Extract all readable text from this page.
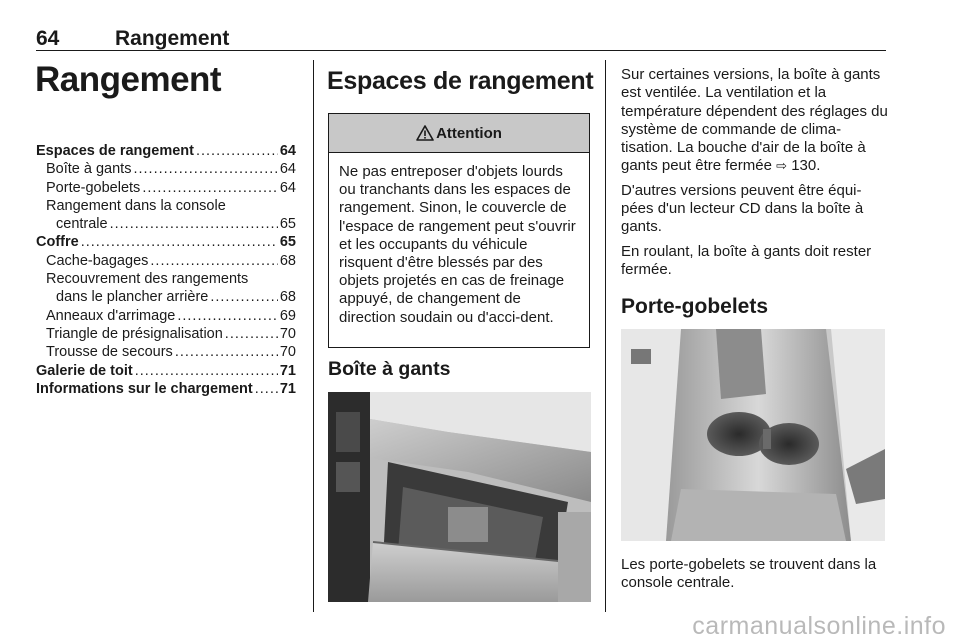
64	Rangement
Rangement
Espaces de rangement .....	64
Boîte à gants .....	64
Porte-gobelets .....	64
Rangement dans la console
centrale .....	65
Coffre .....	65
Cache-bagages .....	68
Recouvrement des rangements
dans le plancher arrière .....	68
Anneaux d'arrimage .....	69
Triangle de présignalisation .....	70
Trousse de secours .....	70
Galerie de toit .....	71
Informations sur le chargement ..... 71
Espaces de rangement
Attention
Ne pas entreposer d'objets lourds ou tranchants dans les espaces de rangement. Sinon, le couvercle de l'espace de rangement peut s'ouvrir et les occupants du véhicule risquent d'être blessés par des objets projetés en cas de freinage appuyé, de changement de direction soudain ou d'acci-dent.
Boîte à gants

Sur certaines versions, la boîte à gants est ventilée. La ventilation et la température dépendent des réglages du système de commande de clima-tisation. La bouche d'air de la boîte à gants peut être fermée ⇨ 130.

D'autres versions peuvent être équi-pées d'un lecteur CD dans la boîte à gants.

En roulant, la boîte à gants doit rester fermée.

Porte-gobelets
Les porte-gobelets se trouvent dans la console centrale.
carmanualsonline.info
